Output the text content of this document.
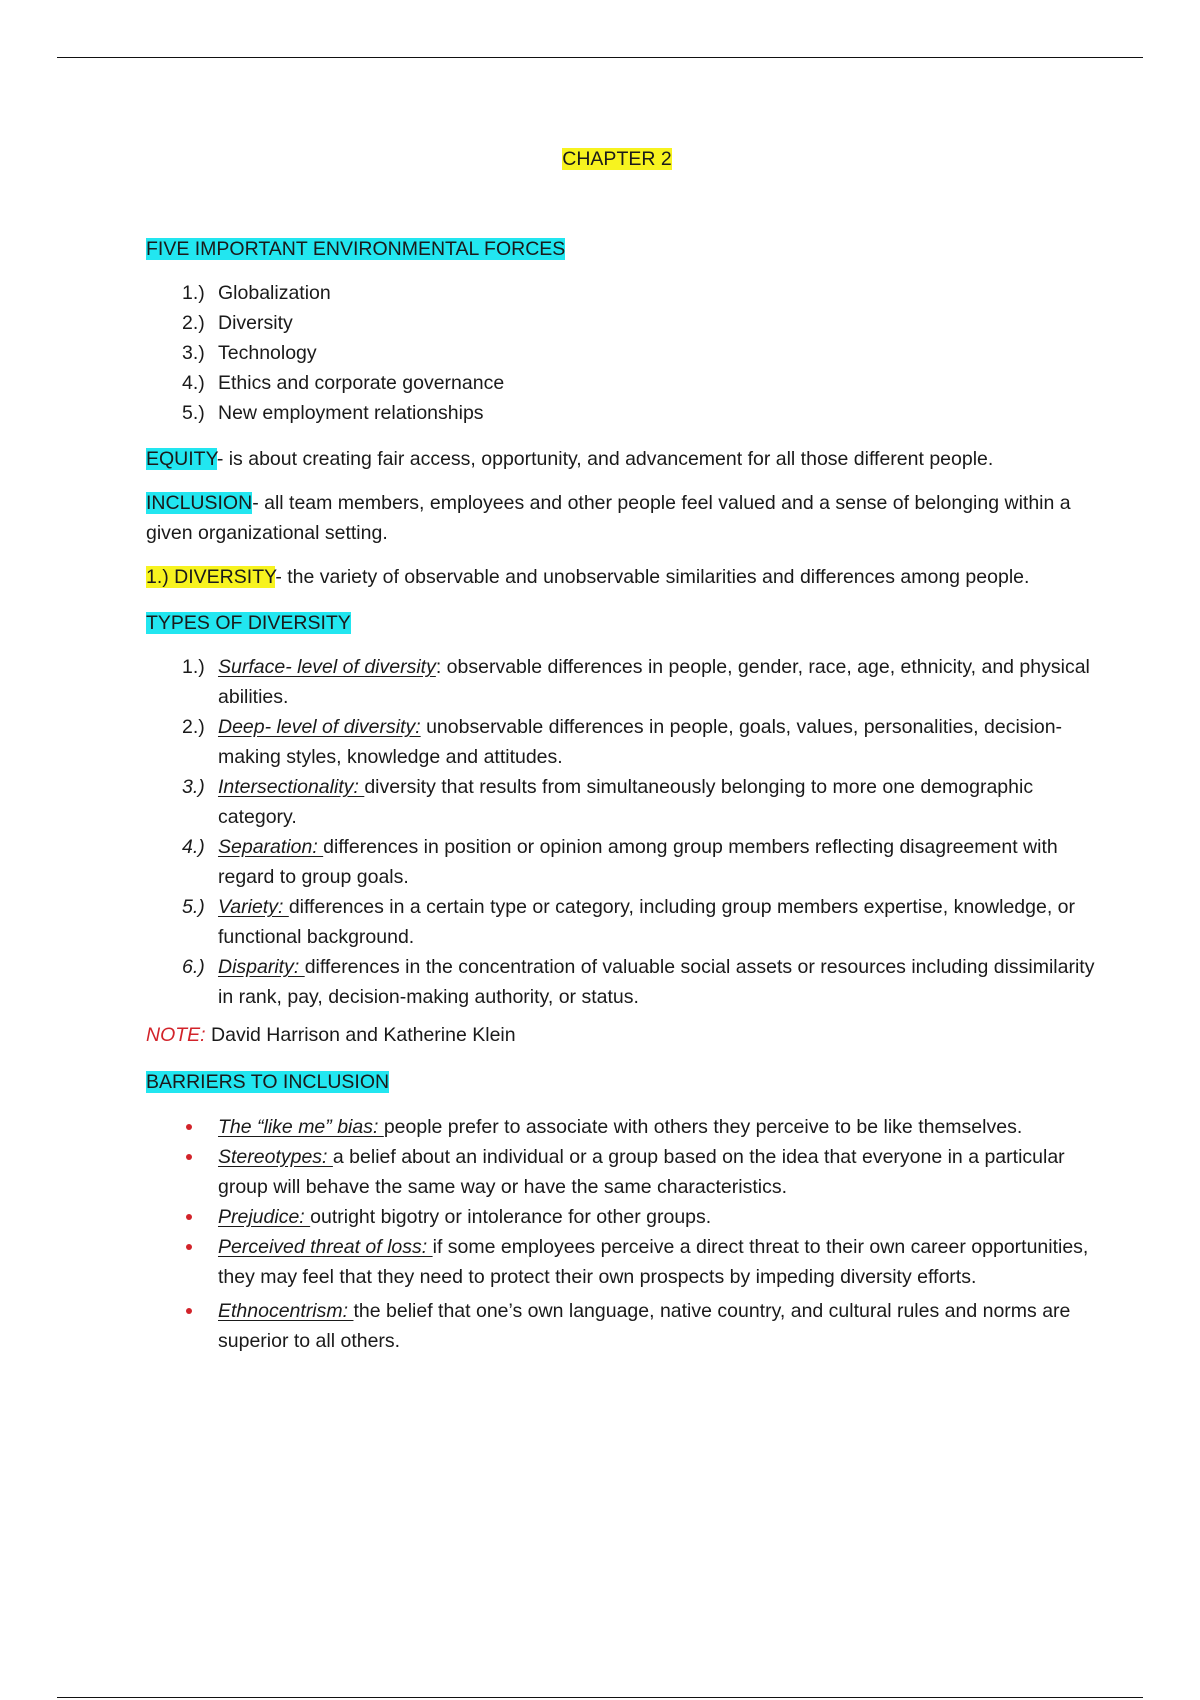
CHAPTER 2
FIVE IMPORTANT ENVIRONMENTAL FORCES
1.) Globalization
2.) Diversity
3.) Technology
4.) Ethics and corporate governance
5.) New employment relationships
EQUITY- is about creating fair access, opportunity, and advancement for all those different people.
INCLUSION- all team members, employees and other people feel valued and a sense of belonging within a given organizational setting.
1.) DIVERSITY- the variety of observable and unobservable similarities and differences among people.
TYPES OF DIVERSITY
1.) Surface- level of diversity: observable differences in people, gender, race, age, ethnicity, and physical abilities.
2.) Deep- level of diversity: unobservable differences in people, goals, values, personalities, decision-making styles, knowledge and attitudes.
3.) Intersectionality: diversity that results from simultaneously belonging to more one demographic category.
4.) Separation: differences in position or opinion among group members reflecting disagreement with regard to group goals.
5.) Variety: differences in a certain type or category, including group members expertise, knowledge, or functional background.
6.) Disparity: differences in the concentration of valuable social assets or resources including dissimilarity in rank, pay, decision-making authority, or status.
NOTE: David Harrison and Katherine Klein
BARRIERS TO INCLUSION
The “like me” bias: people prefer to associate with others they perceive to be like themselves.
Stereotypes: a belief about an individual or a group based on the idea that everyone in a particular group will behave the same way or have the same characteristics.
Prejudice: outright bigotry or intolerance for other groups.
Perceived threat of loss: if some employees perceive a direct threat to their own career opportunities, they may feel that they need to protect their own prospects by impeding diversity efforts.
Ethnocentrism: the belief that one’s own language, native country, and cultural rules and norms are superior to all others.
